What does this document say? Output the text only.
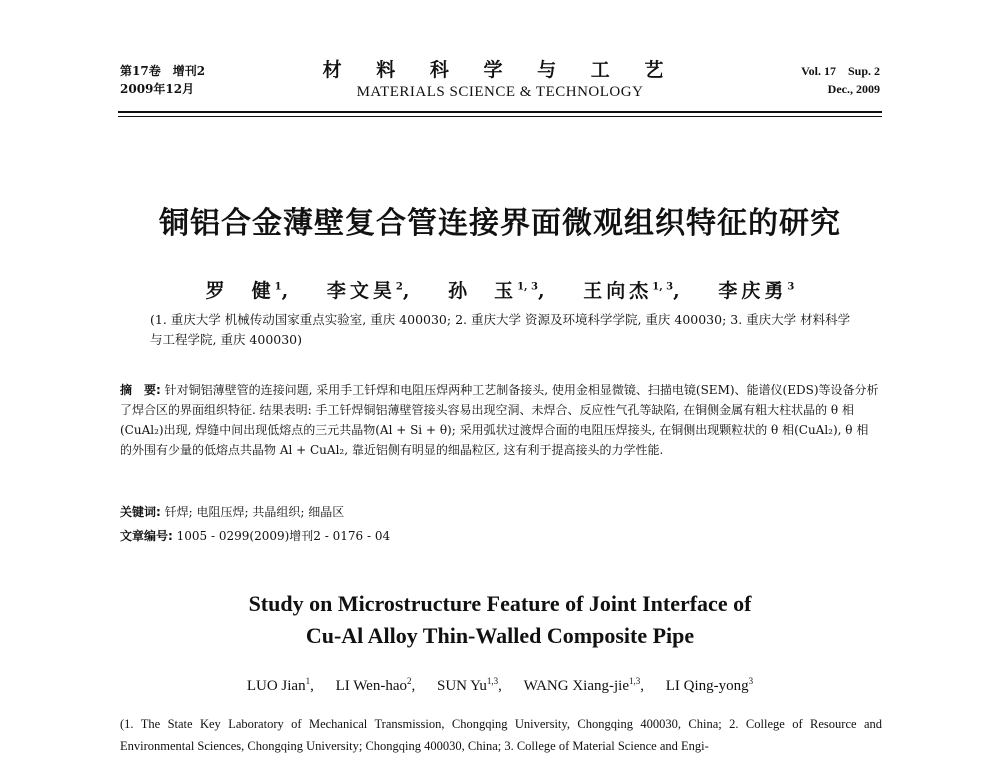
第17卷　增刊2
2009年12月
材 料 科 学 与 工 艺
MATERIALS SCIENCE & TECHNOLOGY
Vol. 17　Sup. 2
Dec., 2009
铜铝合金薄壁复合管连接界面微观组织特征的研究
罗　健$^1$, 李文昊$^2$, 孙　玉$^{1, 3}$, 王向杰$^{1, 3}$, 李庆勇$^3$
(1. 重庆大学 机械传动国家重点实验室, 重庆 400030; 2. 重庆大学 资源及环境科学学院, 重庆 400030; 3. 重庆大学 材料科学与工程学院, 重庆 400030)
摘　要: 针对铜铝薄壁管的连接问题, 采用手工钎焊和电阻压焊两种工艺制备接头, 使用金相显微镜、扫描电镜(SEM)、能谱仪(EDS)等设备分析了焊合区的界面组织特征. 结果表明: 手工钎焊铜铝薄壁管接头容易出现空洞、未焊合、反应性气孔等缺陷, 在铜侧金属有粗大柱状晶的 θ 相(CuAl₂)出现, 焊缝中间出现低熔点的三元共晶物(Al + Si + θ); 采用弧状过渡焊合面的电阻压焊接头, 在铜侧出现颗粒状的 θ 相(CuAl₂), θ 相的外围有少量的低熔点共晶物 Al + CuAl₂, 靠近铝侧有明显的细晶粒区, 这有利于提高接头的力学性能.
关键词: 钎焊; 电阻压焊; 共晶组织; 细晶区
文章编号: 1005 - 0299(2009)增刊2 - 0176 - 04
Study on Microstructure Feature of Joint Interface of
Cu-Al Alloy Thin-Walled Composite Pipe
LUO Jian$^1$, LI Wen-hao$^2$, SUN Yu$^{1,3}$, WANG Xiang-jie$^{1,3}$, LI Qing-yong$^3$
(1. The State Key Laboratory of Mechanical Transmission, Chongqing University, Chongqing 400030, China; 2. College of Resource and Environmental Sciences, Chongqing University; Chongqing 400030, China; 3. College of Material Science and Engi-
